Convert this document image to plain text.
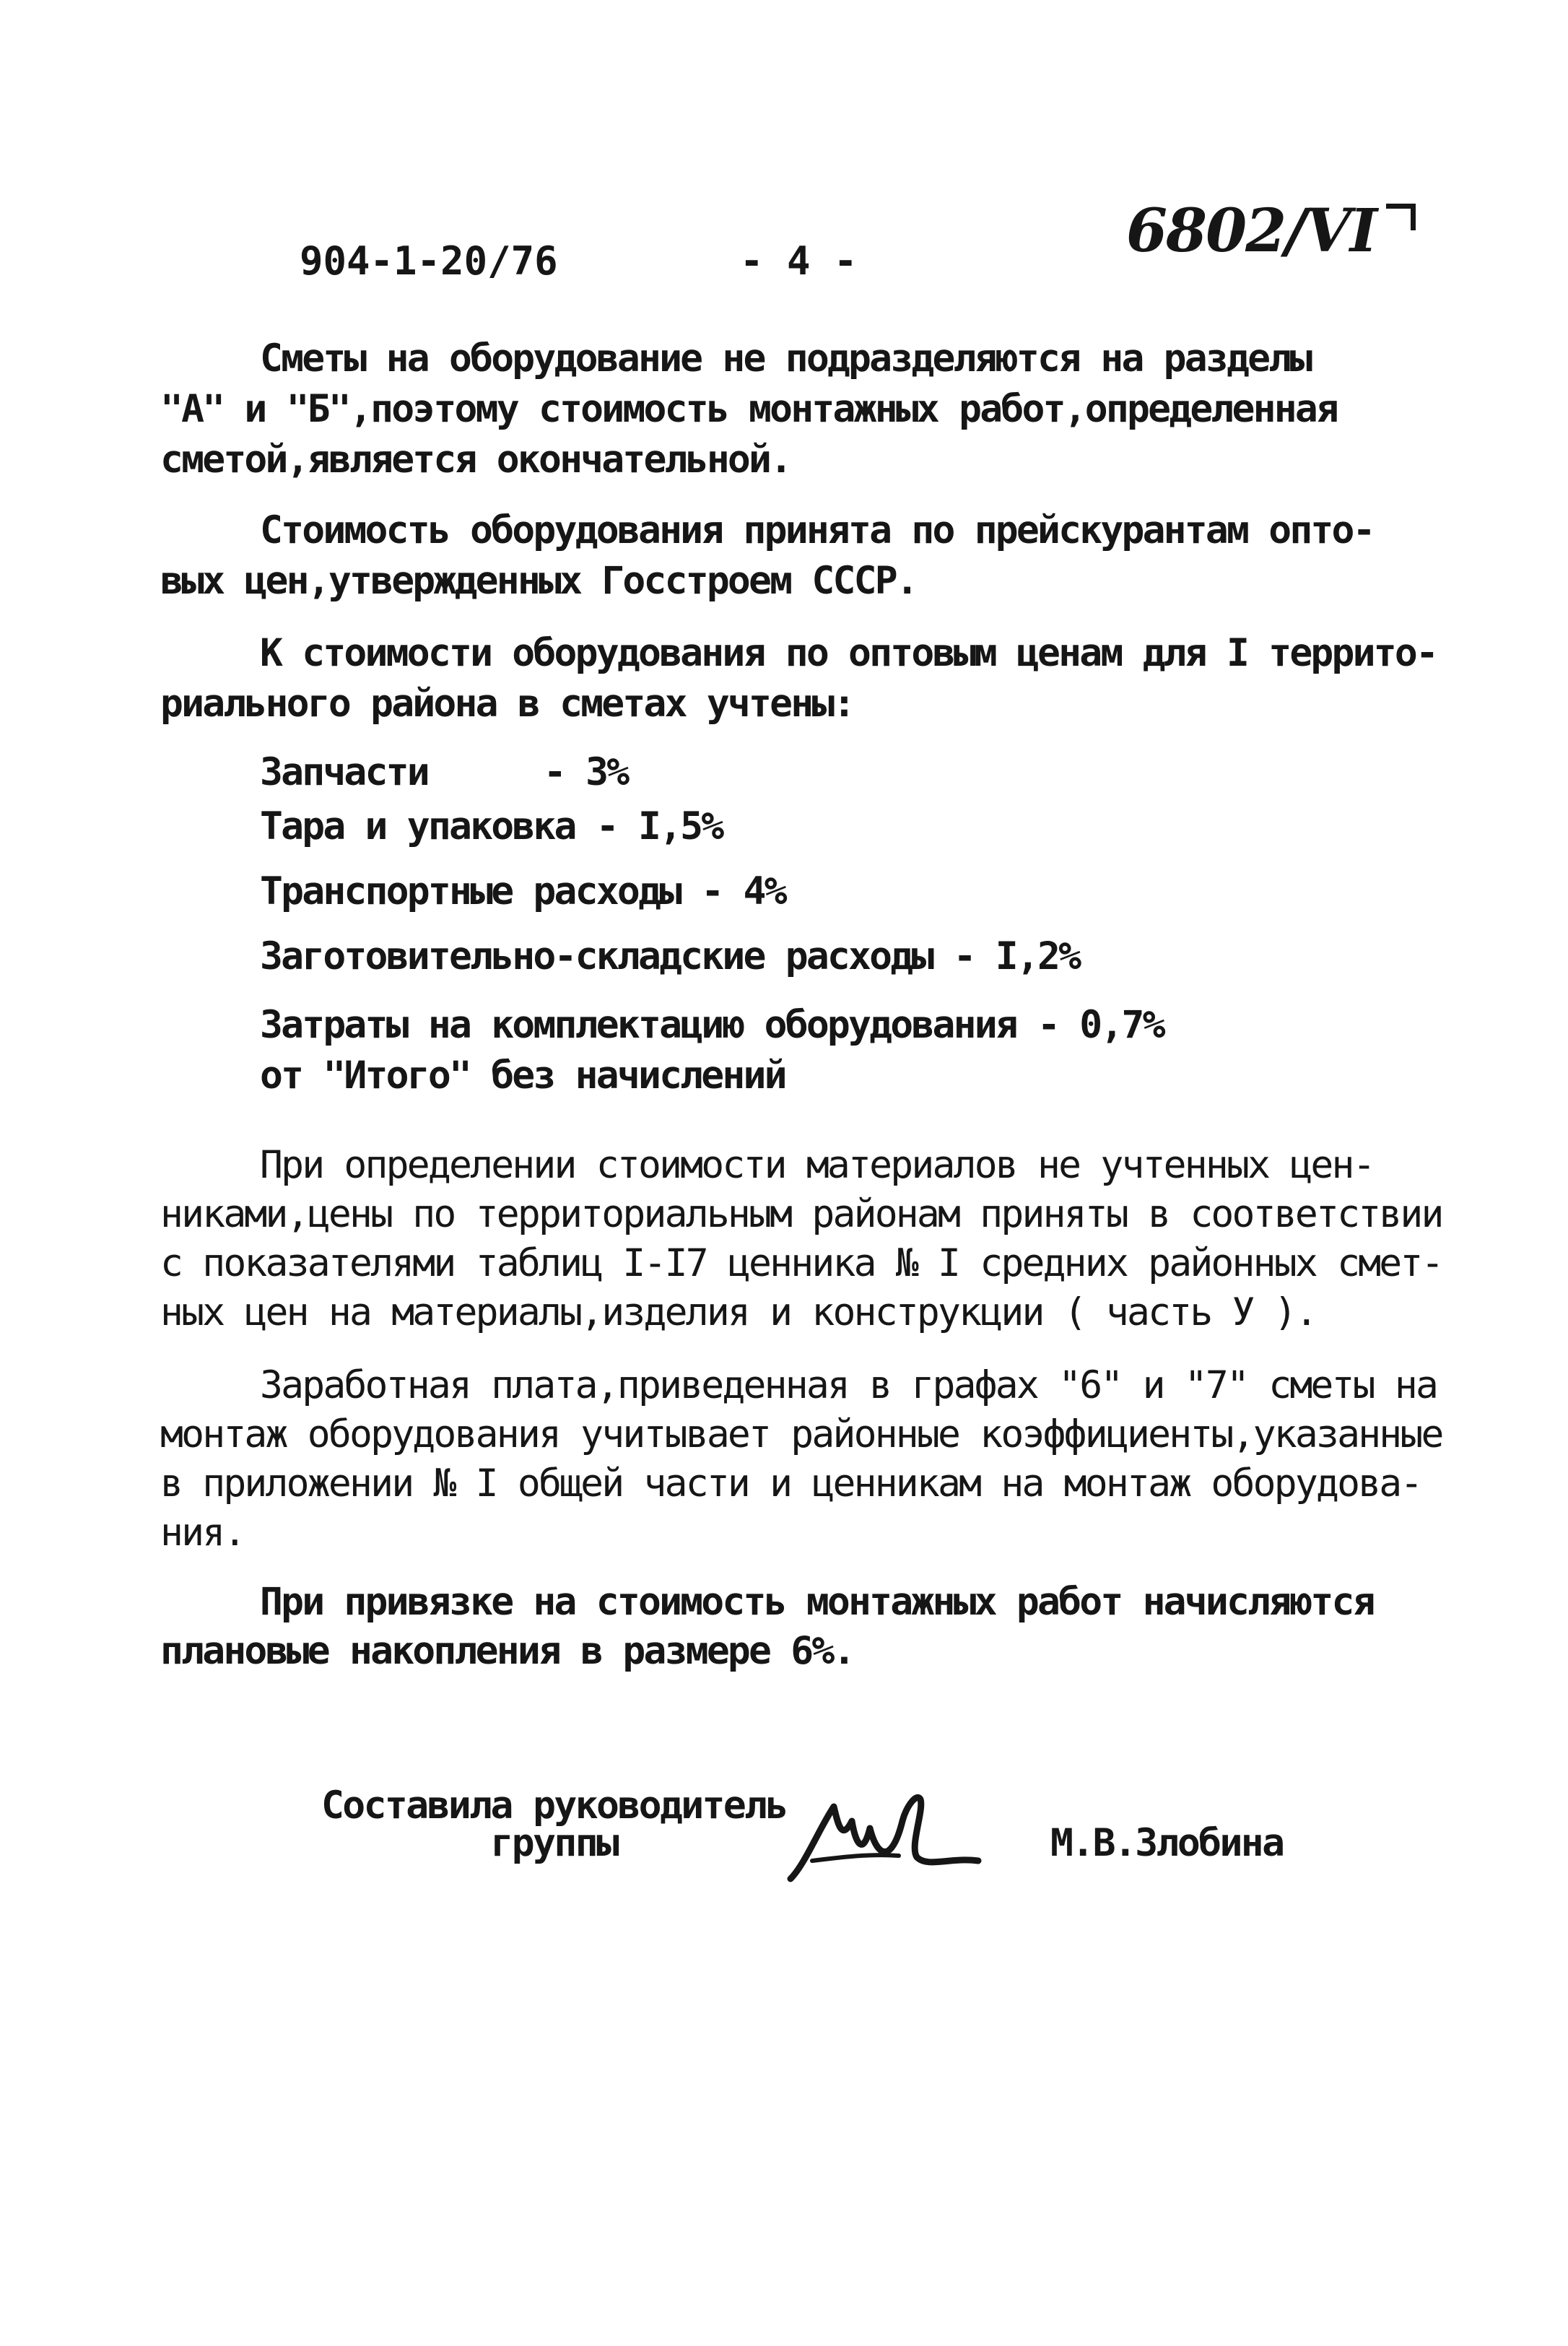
904-1-20/76	- 4 -	6802/VI
Сметы на оборудование не подразделяются на разделы
"А" и "Б",поэтому стоимость монтажных работ,определенная
сметой,является окончательной.
Стоимость оборудования принята по прейскурантам опто-
вых цен,утвержденных Госстроем СССР.
К стоимости оборудования по оптовым ценам для I террито-
риального района в сметах учтены:
Запчасти	- 3%
Тара и упаковка - I,5%
Транспортные расходы - 4%
Заготовительно-складские расходы - I,2%
Затраты на комплектацию оборудования - 0,7%
от "Итого" без начислений
При определении стоимости материалов не учтенных цен-
никами,цены по территориальным районам приняты в соответствии
с показателями таблиц I-I7 ценника № I средних районных смет-
ных цен на материалы,изделия и конструкции ( часть У ).
Заработная плата,приведенная в графах "6" и "7" сметы на
монтаж оборудования учитывает районные коэффициенты,указанные
в приложении № I общей части и ценникам на монтаж оборудова-
ния.
При привязке на стоимость монтажных работ начисляются
плановые накопления в размере 6%.
Составила руководитель
группы	М.В.Злобина
